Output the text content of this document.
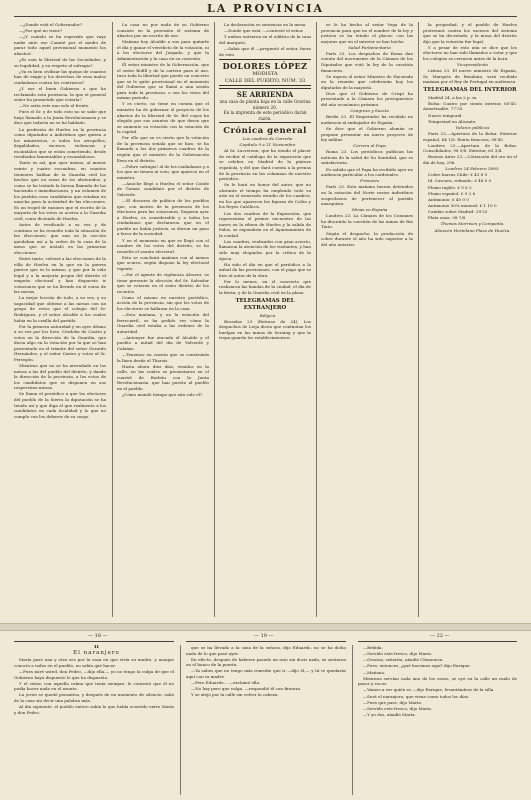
LA PROVINCIA

—¿Donde está el Gobernador?

—¿Por qué no viene?

—¿Y cuándo se ha esperado que vaya nadie ante ese Comité por el medio de parar todo aquel provisional momento los abastos!

¿Es esta la libertad de las Sociedades, y su legalidad, y su respeto al sufragio?

¿Va es bien civilizar las quejas de cuantos han de exigir y los derechos de esos malos ciudadanos contra los contrarios?

¿Y ese el buen Gobierno a que ha reclamado esta provincia, la que el general señor ha prometido que votaría?

—No sería este uno solo al frente.

Pues el Sr. y de todo esto no se sabe que haya llamado a la Junta Revolucionaria y se dice que todavía no se ha hablado.

La profesión de Huelva en la provincia como diputados a individuos que quiera a los ministerios, a todos los atropellos, ilegalidades, excesos, violencias y escándalos que se están cometiendo, desde resultados lamentables y escandalosos.

Tanto es así, que ayer mismo, al menor veinte y cuatro escuadras, en cuantos tenientes hablan de la Guardia civil los hechos que en rezar de los abstenidos, y como se ha tratado la fuerza llamada de las hacienda e inmediaciones, y un volumen de los pueblos esos candidatos que estaban en marcha para la actividad de las elecciones. Es un tropel de razones que el escrito de la mayoría de los votos se acerca a la Guardia civil, como diciendo de Huelva.

Antes de verificado a su vez y de continuo se ha resuelto toda la situación de las elecciones, que aun en la sección quedaban así a la orden de la casa de la mesa que se instaló en las primeras elecciones.

Entre tanto, volverá a las elecciones de la villa de Huelva en la que en la guerra parece que es lo mismo, y que por la vida legal y a la mayoría propia del distrito el empeño electoral y han dispuesto ir votaciones que se ha llevado en el curso de las mesas.

La mejor lección de todo, a su vez, y su sagacidad que obtiene a las mesas con un grupo de votos que el colegio del Sr. Rodríguez, y el señor Alcalde a los cuales había en la casilla del partido.

Por la primera autoridad y en ayer último a su vez por los Sres. Córdoba de Castro y votos en la dirección de la Guardia, que dicen algo en la votación por la que se han presentado en el trámite del señor Gerardo Hernández, y el señor Castro y votos al Sr. Pertegón.

Mientras que no se ha arrendado en las mesas a las del pueblo del distrito, y dando la dirección de la provincia, a los votos de los candidatos que se disponen en sus respectivas mesas.

Se llama el periódico a que los electores del pueblo de la Sierra la diputación se ha tenido así y que diga el que realmente a los candidatos en cada localidad y lo que no cumple con los deberes de su cargo.

La casa no por nada de su Gobierno consiste en la provisión el sistema de abastos por un escrito de ese.

Mañana hoy Alcalde a sus para quitarle el día y ganar el veredicto de la votación, ni a los electores del Juzgado, y que la Administración y la casa en su convento.

Él señor ministro de la Gobernación, que el señor Bofill y de la cartera para el uso, tuvo toda la libertad que puede en concreto que se le quite provisional en el momento del Gobierno que se llamó a una sesión para toda la provincia, o sea los votos del mismo periodo.

Y es cierto, no tiene en cuenta que el ministro ha de gobernar el proyecto de los abastos de la libertad de Sr. Bel cuyas ha elegido por sus asuntos de que desea que se aumente su votación con la votación de la capital.

Por ello que su es cierto que la votación de la provincia señala que se hizo, se ha llamado a los dos primeros cuadros de la región que el ministro de la Gobernación lleva en el distrito.

—Pobre sufragio! al de los ciudadanos y a los que no tienen ni voto, que aparece en el ministro.

—Anoche llegó a Huelva el señor Conde de Gomar, candidato por el distrito de Valverde.

—El discurso de política de los pueblos que, con motivo de la presencia de los electores para las votaciones, llegaron ayer a Huelva, es considerable y a todos los ciudadanos que declararon que en el pueblo no había justicia, ni dieron un paso a favor de la sociedad.

Y en el momento en que se llegó con el nombre de los votos del distrito, se ha resuelto el asunto electoral.

Esto se concluirá mañana con al menos que ocurra, según dispone la ley electoral vigente.

—Por el agente de vigilancia Alvarez, se tiene presente la elección del Sr. Salvador que se votaron en el sexto distrito de los recintos.

Como el mismo en nuestro periódico, acción de la provincia, sin que los votos de los electores se hallaran en la casa.

—Esta mañana, y en la estación del ferrocarril, se ha podido ver cómo la Guardia civil estaba a las órdenes de la autoridad.

—Anteayer fue atacado el Alcalde y el pueblo a mitad del día de Valverde y Calañas.

—Tenemos en cuenta que se construiría la línea desde el Tharsis.

Hasta ahora diez días, venidos en la calle, en las cuales se presentaron en el cuartel de Borbón con la Junta Revolucionaria, que han puesto al pueblo en el pueblo.

¿Cómo mandó tiempo que aún vale el?

La declaración es sentencia en la mesa.

—Donde que está, —contestó el señor.

Y ambos entraron en el edificio de la casa del marqués.

—Sabía que él —preguntó el señor, fuera de esto.

DOLORES LÓPEZ
MODISTA
CALLE DEL PUERTO, NUM. 33
SE ARRIENDA
una casa de planta baja en la calle Gravina número 20.
En la imprenta de este periódico darán razón.
Crónica general

Los cuadros de Carreño

Capítulo 9 a 11 Noviembre

Al Sr. Lacretonn, que ha tenido el placer de recibir el catálogo de la exposición que se celebra en Madrid de la pintura española, y del que dará cuenta a la prensa de la provincia en las columnas de nuestro periódico.

Se le hará en honor del autor, que no obstante el tiempo ha empleado todo su arte en el esmerado estudio de los cuadros, en los que aparecen las figuras de Colón y los Reyes Católicos.

Los dos cuadros de la Exposición, que representan el primer encuentro de las naves en la ribera de Huelva y la salida de Palos, se expondrán en el Ayuntamiento de la ciudad.

Los cuadros, realizados con gran acierto, llamaron la atención de los visitantes, y han sido muy elogiados por la crítica de la época.

Ha sido el día en que el periódico a la mitad de las provisiones, con el pago que se hizo al autor de la obra.

Por lo menos, en el concierto que realizaron las bandas de la ciudad, el día de la fiesta, y de la Guardia civil en la plaza.

TELEGRAMAS DEL EXTRANJERO

Bélgica

Bruselas 23 (Retraso de 24). Los despachos de Lieja dicen que continúan los huelgas en las minas de Seraing y que la tropa guarda los establecimientos.

se le ha hecho al señor Vega de la provincia para que en el nombre de la ley y justicia se ha tenido el placer, con las mejoras que en el interior se han hecho.

Salud Parlamentaria

París 23. Los despachos de Roma dan cuenta del incremento de la Cámara de los Diputados que votó la ley de la cuestión financiera.

Se espera al señor Ministro de Hacienda en la reunión que celebrarán hoy los diputados de la mayoría.

Dice que el Gobierno de Crispi ha presentado a la Cámara los presupuestos del año económico próximo.

Congreso y Suecia

Berlín 23. El Emperador ha recibido en audiencia al embajador de España.

Se dice que el Gobierno alemán se propone presentar un nuevo proyecto de ley militar.

Carrera al Papa

Roma 23. Los periódicos publican las noticias de la salud de Su Santidad, que es satisfactoria.

Es sabido que el Papa ha recibido ayer en audiencia particular a los cardenales.

Prisiones

París 23. Esta mañana fueron detenidos en la estación del Norte varios individuos sospechosos de pertenecer al partido anarquista.

Minas en España

Londres 23. La Cámara de los Comunes ha discutido la cuestión de las minas de Río Tinto.

Según el despacho, la producción de cobre durante el año ha sido superior a la del año anterior.

la propiedad, y el pueblo de Huelva protestará contra los excesos del sistema que se ha decretado, y la mesa del distrito dijo que la votación fue legal.

Y a pesar de esto aún se dice que los electores no han sido llamados a votar y que los colegios se cerraron antes de la hora.

Vicepresidente

Lisboa 23. El nuevo ministro de España, Sr. Marqués de Bendaña, será recibido mañana por el Rey de Portugal en audiencia.

TELEGRAMAS DEL INTERIOR

Madrid 24, a las 2 p. m.

Bolsa: Cuatro por ciento interior, 65'45. Amortizable, 77'35.

Nuevo temporal.

Tempestad en Alicante.

Valores públicos

París 23.—Apertura de la Bolsa: Exterior español, 64 1/8. Renta francesa, 98'45.

Londres 23.—Apertura de la Bolsa: Consolidados, 98 5/8. Exterior, 63 3/4.

Buenos Aires 23.—Cotización del oro en el día de hoy, 296.

Londres 24 Febrero 1893.

Cobre barras Chile: £ 43 8 9

Id. Cascara, refinado: £ 48 0 0

Plomo inglés: £ 9 6 3

Plomo español: £ 9 2 6

Antimonio: £ 40 0 0

Antimonio 50% mineral: £ 1 10 0

Cambio sobre Madrid: 29'25

Plata onza: 38 7/8

Thomas Morrison y Compañía.

Almacén Hortelano Plaza de Huelva.

— 18 —	— 19 —	— 22 —

II

El naranjero

María pasó una y otra vez por la casa en que vivía su madre, y aunque conocía a todos en el pueblo, no sabía qué hacer.

—Pues mire usted, don Pedro, —dijo ella,— yo no tengo la culpa de que el Gobierno haya dispuesto lo que ha dispuesto.

Y el señor, con aquella calma que tenía siempre, le contestó que él no podía hacer nada en el asunto.

La joven se quedó pensativa, y después de un momento de silencio, salió de la casa sin decir una palabra más.

Al día siguiente, el pueblo entero sabía lo que había ocurrido entre María y don Pedro.

que se ha llevado a la casa de la señora, dijo Eduardo, no se ha dicho nada de lo que pasó ayer.

En efecto, después de haberse pasado un rato sin decir nada, se sentaron en el banco de la puerta.

—Ya sabes que no tengo más remedio que ir —dijo él,— y tú te quedarás aquí con tu madre.

—Pero Eduardo… —exclamó ella.

—No hay pero que valga, —respondió él con firmeza.

Y se alejó por la calle sin volver la cabeza.

—Bebida.

—Servido este fresco, dijo María.

—Gracias, señorita, añadió Clemencia.

—Pues, entonces, ¿qué hacemos aquí? dijo Enrique.

—Mañana.

Mientras servían cada uno de los vasos, se oyó en la calle un ruido de pasos y voces.

—Vamos a ver quién es —dijo Enrique, levantándose de la silla.

—Será el naranjero, que viene como todos los días.

—Pues que pase, dijo María.

—Servido este fresco, dijo María.

—Y yo dos, añadió María.
